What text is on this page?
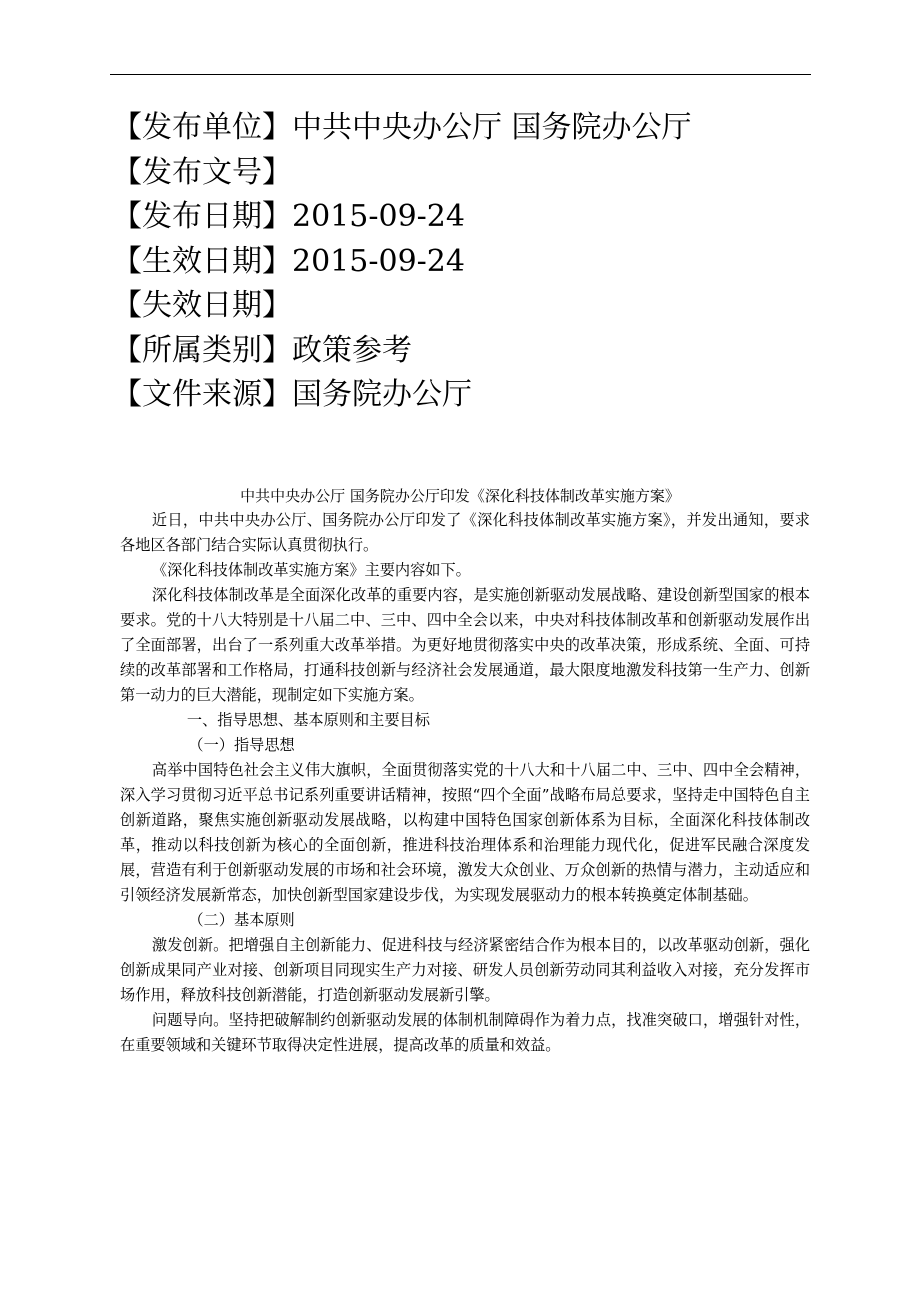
【发布单位】中共中央办公厅 国务院办公厅
【发布文号】
【发布日期】2015-09-24
【生效日期】2015-09-24
【失效日期】
【所属类别】政策参考
【文件来源】国务院办公厅
中共中央办公厅 国务院办公厅印发《深化科技体制改革实施方案》

近日，中共中央办公厅、国务院办公厅印发了《深化科技体制改革实施方案》，并发出通知，要求各地区各部门结合实际认真贯彻执行。

《深化科技体制改革实施方案》主要内容如下。

深化科技体制改革是全面深化改革的重要内容，是实施创新驱动发展战略、建设创新型国家的根本要求。党的十八大特别是十八届二中、三中、四中全会以来，中央对科技体制改革和创新驱动发展作出了全面部署，出台了一系列重大改革举措。为更好地贯彻落实中央的改革决策，形成系统、全面、可持续的改革部署和工作格局，打通科技创新与经济社会发展通道，最大限度地激发科技第一生产力、创新第一动力的巨大潜能，现制定如下实施方案。

一、指导思想、基本原则和主要目标

（一）指导思想

高举中国特色社会主义伟大旗帜，全面贯彻落实党的十八大和十八届二中、三中、四中全会精神，深入学习贯彻习近平总书记系列重要讲话精神，按照“四个全面”战略布局总要求，坚持走中国特色自主创新道路，聚焦实施创新驱动发展战略，以构建中国特色国家创新体系为目标，全面深化科技体制改革，推动以科技创新为核心的全面创新，推进科技治理体系和治理能力现代化，促进军民融合深度发展，营造有利于创新驱动发展的市场和社会环境，激发大众创业、万众创新的热情与潜力，主动适应和引领经济发展新常态，加快创新型国家建设步伐，为实现发展驱动力的根本转换奠定体制基础。

（二）基本原则

激发创新。把增强自主创新能力、促进科技与经济紧密结合作为根本目的，以改革驱动创新，强化创新成果同产业对接、创新项目同现实生产力对接、研发人员创新劳动同其利益收入对接，充分发挥市场作用，释放科技创新潜能，打造创新驱动发展新引擎。

问题导向。坚持把破解制约创新驱动发展的体制机制障碍作为着力点，找准突破口，增强针对性，在重要领域和关键环节取得决定性进展，提高改革的质量和效益。
